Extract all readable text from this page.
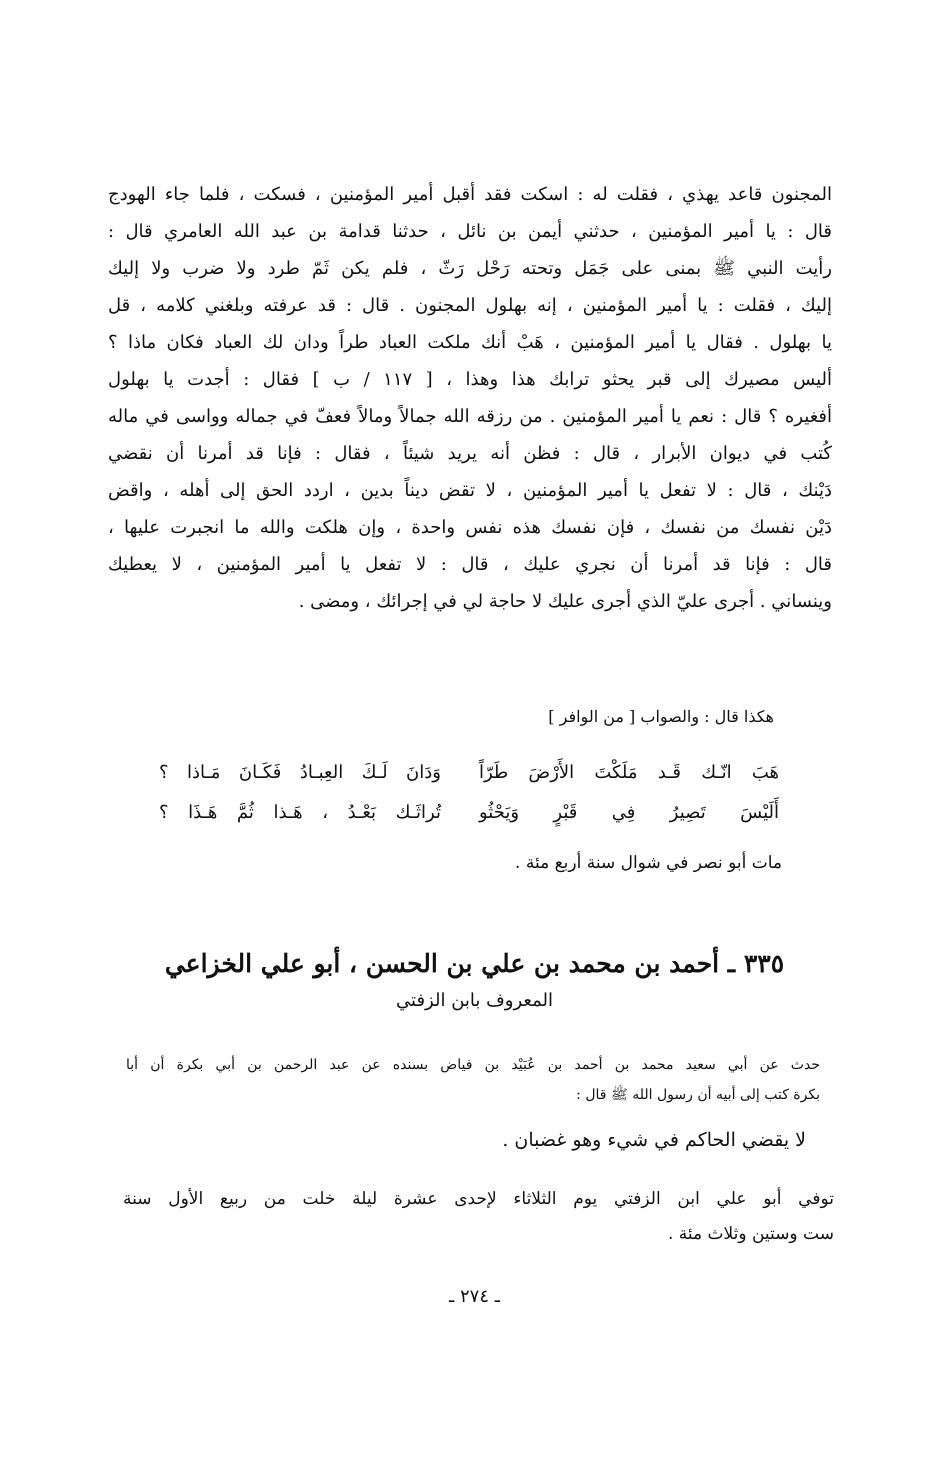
المجنون قاعد يهذي ، فقلت له : اسكت فقد أقبل أمير المؤمنين ، فسكت ، فلما جاء الهودج
قال : يا أمير المؤمنين ، حدثني أيمن بن نائل ، حدثنا قدامة بن عبد الله العامري قال :
رأيت النبي ﷺ بمنى على جَمَل وتحته رَحْل رَثّ ، فلم يكن ثَمّ طرد ولا ضرب ولا إليك
إليك ، فقلت : يا أمير المؤمنين ، إنه بهلول المجنون . قال : قد عرفته وبلغني كلامه ، قل
يا بهلول . فقال يا أمير المؤمنين ، هَبْ أنك ملكت العباد طراً ودان لك العباد فكان ماذا ؟
أليس مصيرك إلى قبر يحثو ترابك هذا وهذا ، [ ١١٧ / ب ] فقال : أجدت يا بهلول
أفغيره ؟ قال : نعم يا أمير المؤمنين . من رزقه الله جمالاً ومالاً فعفّ في جماله وواسى في ماله
كُتب في ديوان الأبرار ، قال : فظن أنه يريد شيئاً ، فقال : فإنا قد أمرنا أن نقضي
دَيْنك ، قال : لا تفعل يا أمير المؤمنين ، لا تقض ديناً بدين ، اردد الحق إلى أهله ، واقض
دَيْن نفسك من نفسك ، فإن نفسك هذه نفس واحدة ، وإن هلكت والله ما انجبرت عليها ،
قال : فإنا قد أمرنا أن نجري عليك ، قال : لا تفعل يا أمير المؤمنين ، لا يعطيك
وينساني . أجرى عليّ الذي أجرى عليك لا حاجة لي في إجرائك ، ومضى .
هكذا قال : والصواب [ من الوافر ]
هَبَ انّـك قَـد مَلَكْتَ الأَرْضَ طَرّاً
وَدَانَ لَـكَ العِبـادُ فَكَـانَ مَـاذا ؟
أَلَيْسَ تَصِيرُ فِي قَبْرٍ وَيَحْثُو
تُراثَـك بَعْـدُ ، هَـذا ثُمَّ هَـذَا ؟
مات أبو نصر في شوال سنة أربع مئة .
٣٣٥ ـ أحمد بن محمد بن علي بن الحسن ، أبو علي الخزاعي
المعروف بابن الزفتي
حدث عن أبي سعيد محمد بن أحمد بن عُبَيْد بن فياض بسنده عن عبد الرحمن بن أبي بكرة أن أبا
بكرة كتب إلى أبيه أن رسول الله ﷺ قال :
لا يقضي الحاكم في شيء وهو غضبان .
توفي أبو علي ابن الزفتي يوم الثلاثاء لإحدى عشرة ليلة خلت من ربيع الأول سنة
ست وستين وثلاث مئة .
ـ ٢٧٤ ـ
